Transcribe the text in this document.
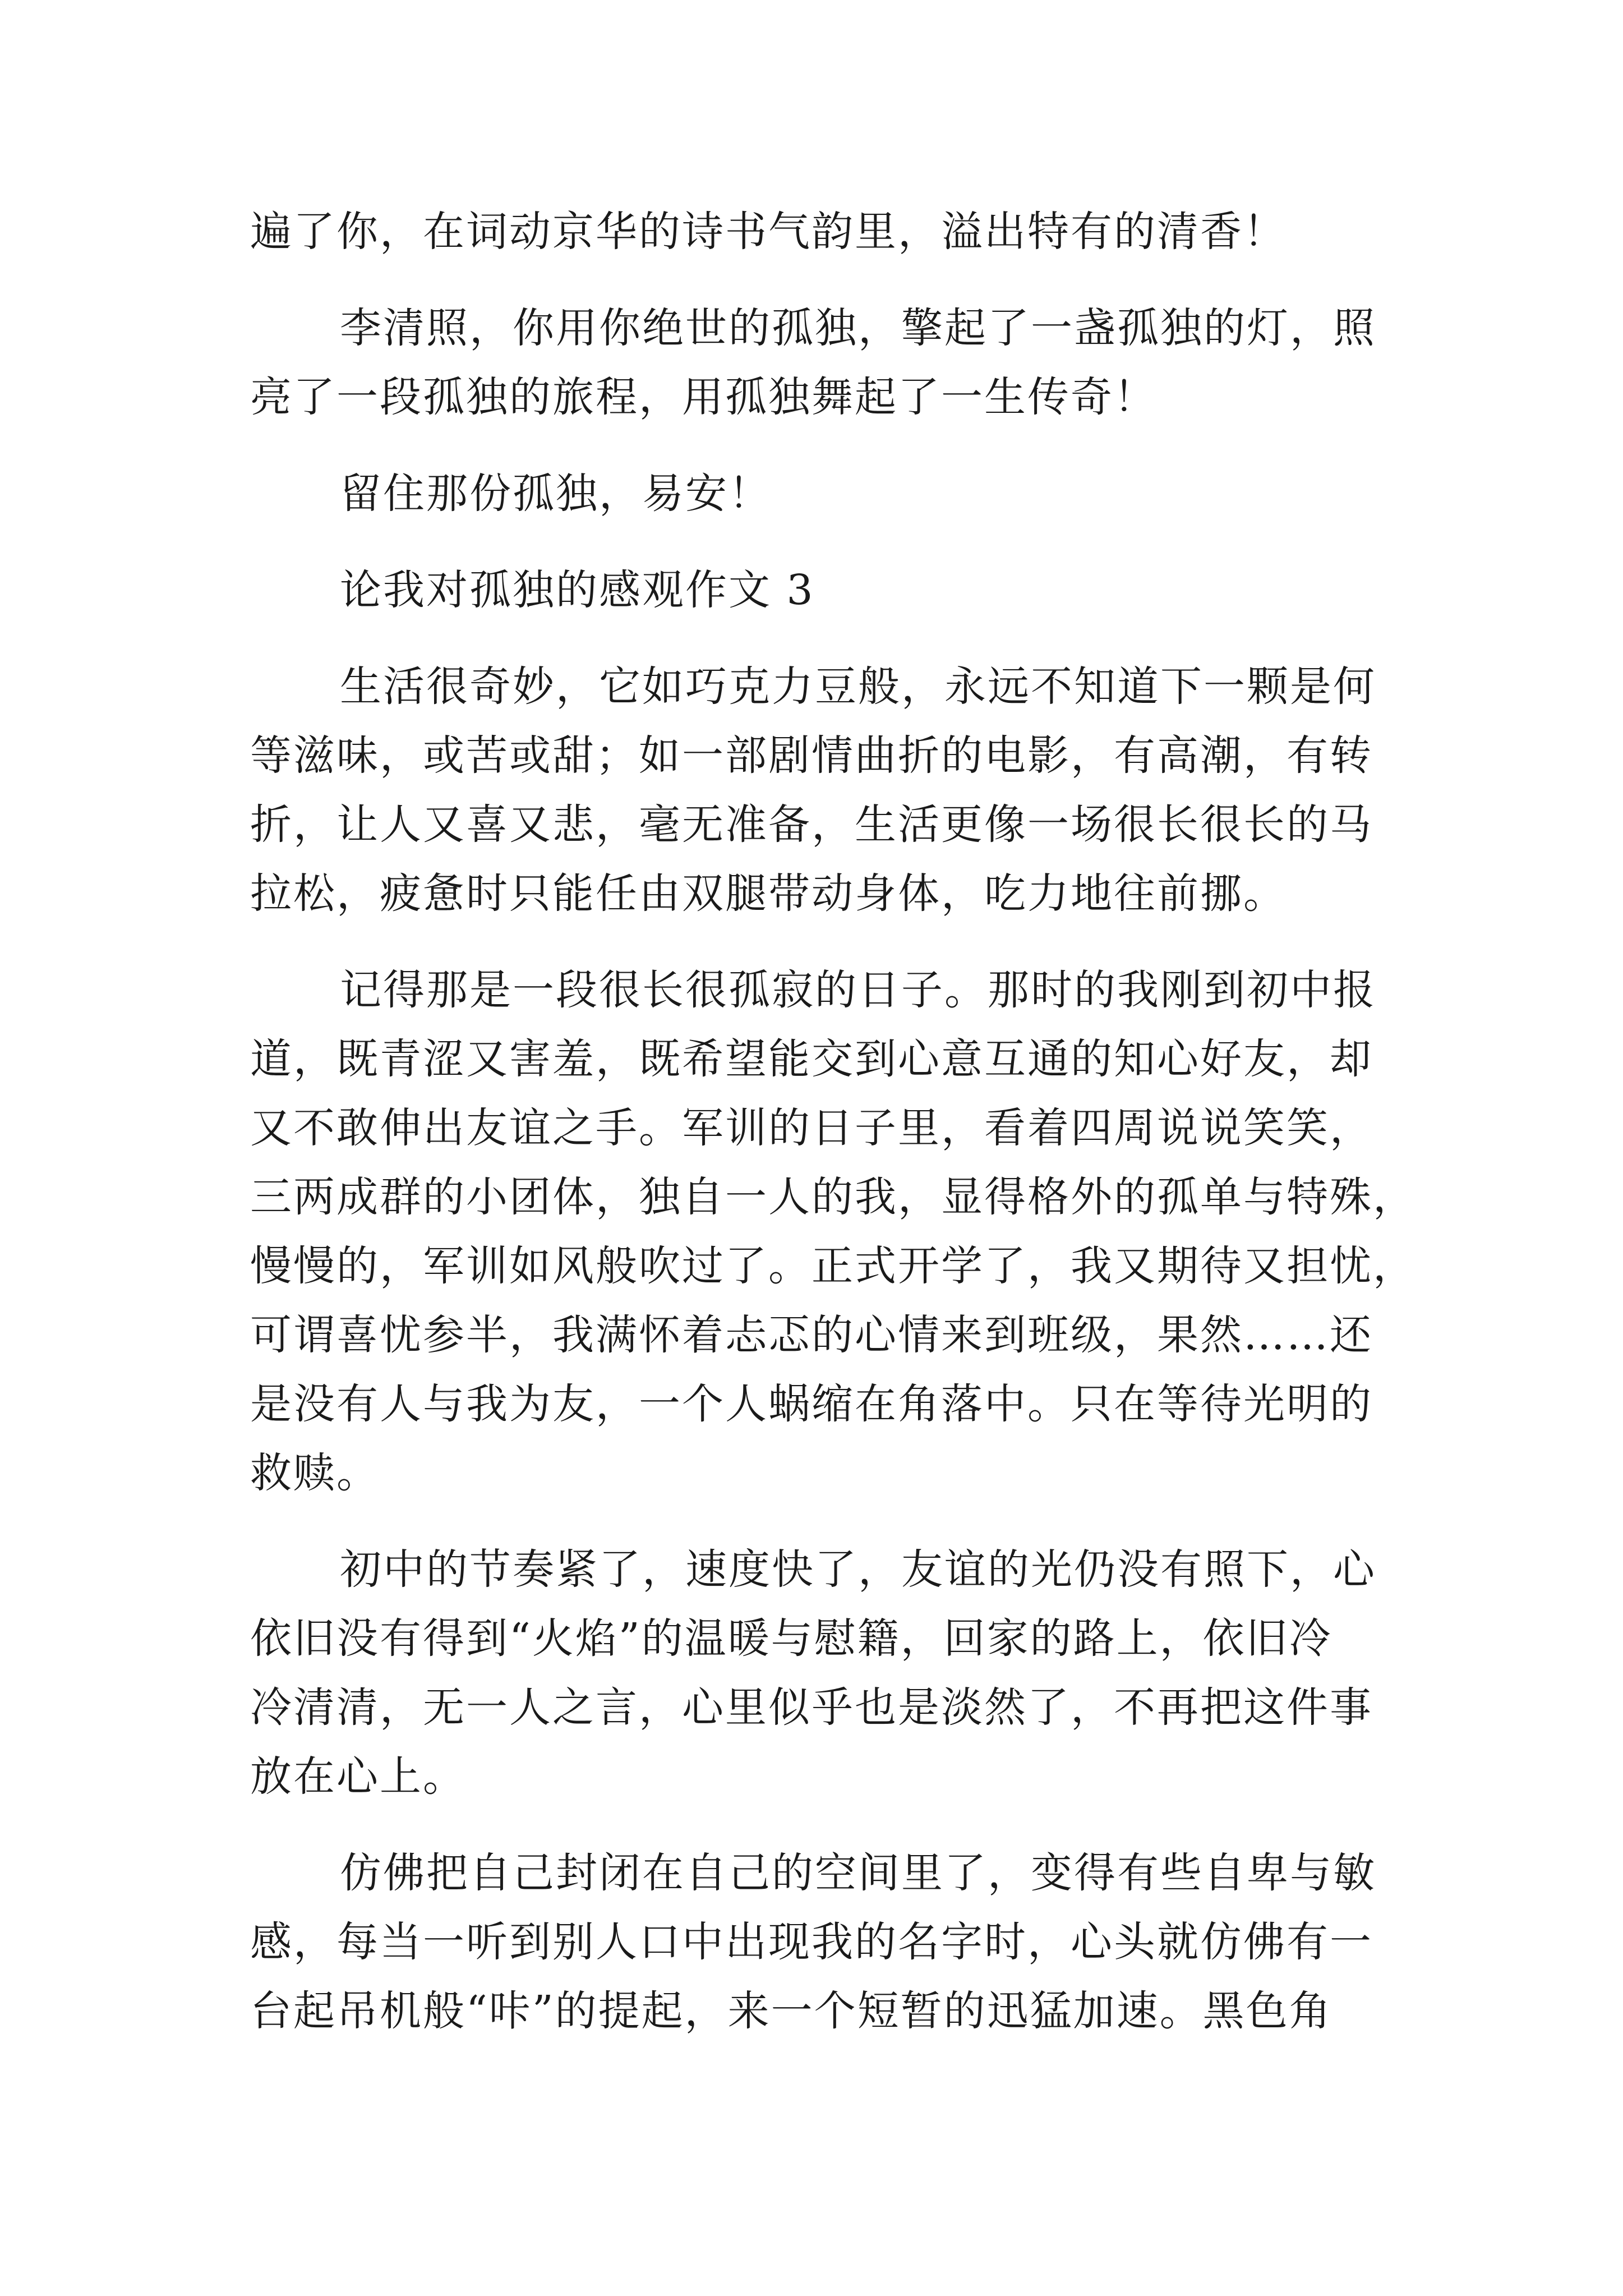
遍了你，在词动京华的诗书气韵里，溢出特有的清香！
李清照，你用你绝世的孤独，擎起了一盏孤独的灯，照
亮了一段孤独的旅程，用孤独舞起了一生传奇！
留住那份孤独，易安！
论我对孤独的感观作文 3
生活很奇妙，它如巧克力豆般，永远不知道下一颗是何
等滋味，或苦或甜；如一部剧情曲折的电影，有高潮，有转
折，让人又喜又悲，毫无准备，生活更像一场很长很长的马
拉松，疲惫时只能任由双腿带动身体，吃力地往前挪。
记得那是一段很长很孤寂的日子。那时的我刚到初中报
道，既青涩又害羞，既希望能交到心意互通的知心好友，却
又不敢伸出友谊之手。军训的日子里，看着四周说说笑笑，
三两成群的小团体，独自一人的我，显得格外的孤单与特殊，
慢慢的，军训如风般吹过了。正式开学了，我又期待又担忧，
可谓喜忧参半，我满怀着忐忑的心情来到班级，果然……还
是没有人与我为友，一个人蜗缩在角落中。只在等待光明的
救赎。
初中的节奏紧了，速度快了，友谊的光仍没有照下，心
依旧没有得到“火焰”的温暖与慰籍，回家的路上，依旧冷
冷清清，无一人之言，心里似乎也是淡然了，不再把这件事
放在心上。
仿佛把自己封闭在自己的空间里了，变得有些自卑与敏
感，每当一听到别人口中出现我的名字时，心头就仿佛有一
台起吊机般“咔”的提起，来一个短暂的迅猛加速。黑色角
